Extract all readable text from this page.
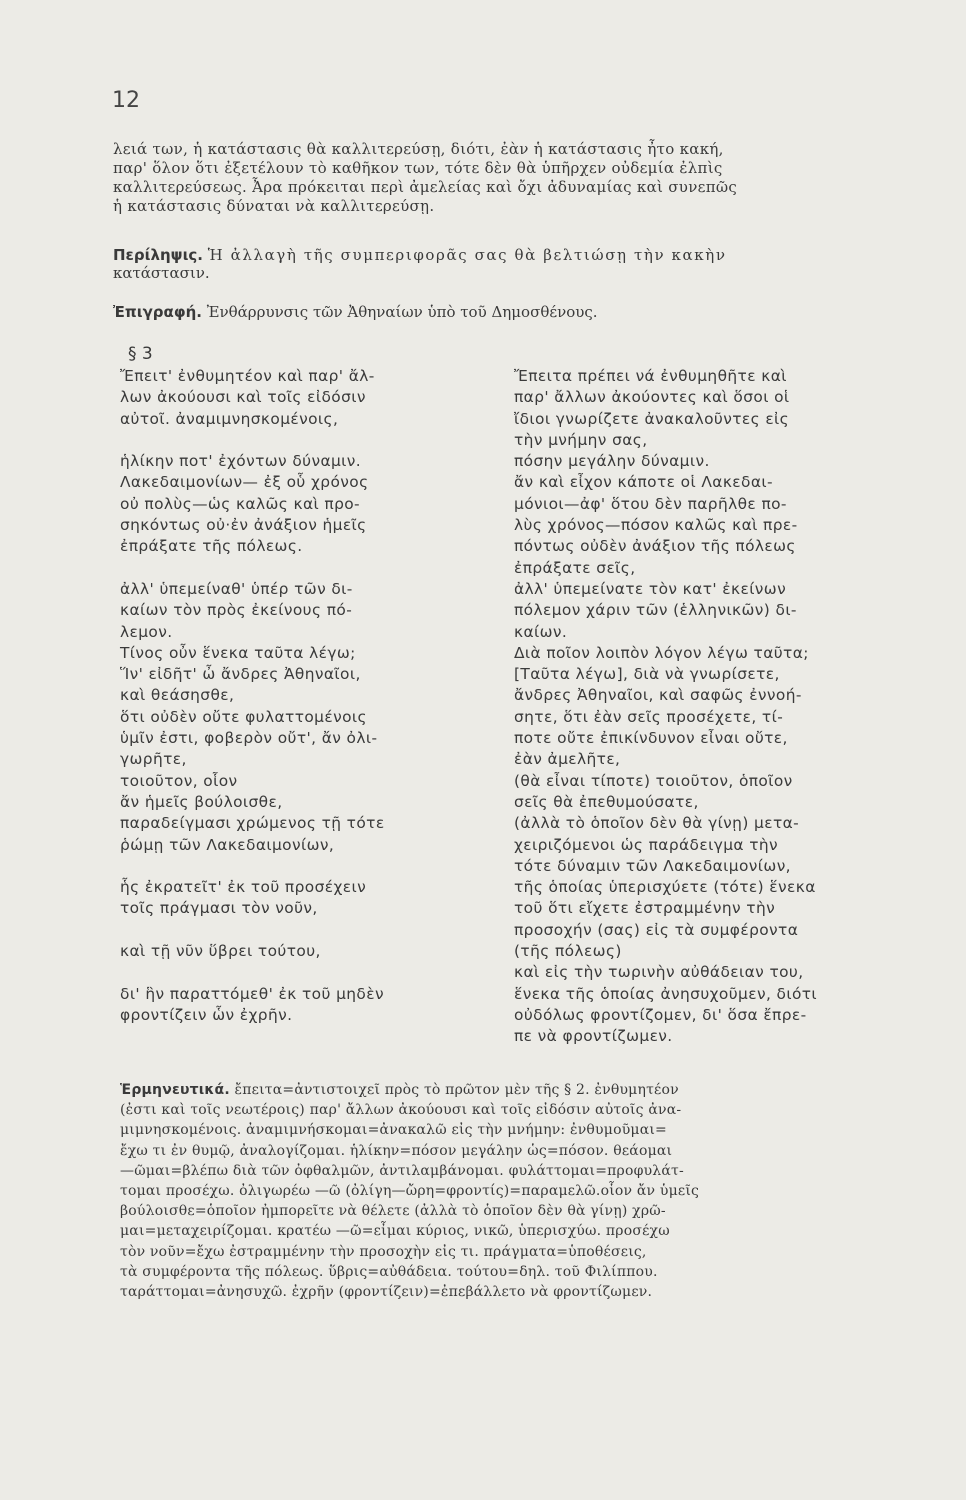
12

λειά των, ἡ κατάστασις θὰ καλλιτερεύσῃ, διότι, ἐὰν ἡ κατάστασις ἦτο κακή,

παρ' ὅλον ὅτι ἐξετέλουν τὸ καθῆκον των, τότε δὲν θὰ ὑπῆρχεν οὐδεμία ἐλπὶς

καλλιτερεύσεως. Ἆρα πρόκειται περὶ ἀμελείας καὶ ὄχι ἀδυναμίας καὶ συνεπῶς

ἡ κατάστασις δύναται νὰ καλλιτερεύσῃ.

Περίληψις. Ἡ ἀλλαγὴ τῆς συμπεριφορᾶς σας θὰ βελτιώσῃ τὴν κακὴν
κατάστασιν.
Ἐπιγραφή. Ἐνθάρρυνσις τῶν Ἀθηναίων ὑπὸ τοῦ Δημοσθένους.
§ 3
Ἔπειτ' ἐνθυμητέον καὶ παρ' ἄλ-
λων ἀκούουσι καὶ τοῖς εἰδόσιν
αὐτοῖ. ἀναμιμνησκομένοις,
ἡλίκην ποτ' ἐχόντων δύναμιν.
Λακεδαιμονίων— ἐξ οὗ χρόνος
οὐ πολὺς—ὡς καλῶς καὶ προ-
σηκόντως οὐ·ἐν ἀνάξιον ἡμεῖς
ἐπράξατε τῆς πόλεως.
ἀλλ' ὑπεμείναθ' ὑπέρ τῶν δι-
καίων τὸν πρὸς ἐκείνους πό-
λεμον.
Τίνος οὖν ἕνεκα ταῦτα λέγω;
Ἵν' εἰδῆτ' ὦ ἄνδρες Ἀθηναῖοι,
καὶ θεάσησθε,
ὅτι οὐδὲν οὔτε φυλαττομένοις
ὑμῖν ἐστι, φοβερὸν οὔτ', ἄν ὀλι-
γωρῆτε,
τοιοῦτον, οἷον
ἄν ἡμεῖς βούλοισθε,
παραδείγμασι χρώμενος τῇ τότε
ῥώμῃ τῶν Λακεδαιμονίων,
ἧς ἐκρατεῖτ' ἐκ τοῦ προσέχειν
τοῖς πράγμασι τὸν νοῦν,
καὶ τῇ νῦν ὕβρει τούτου,
δι' ἣν παραττόμεθ' ἐκ τοῦ μηδὲν
φροντίζειν ὧν ἐχρῆν.
Ἔπειτα πρέπει νά ἐνθυμηθῆτε καὶ
παρ' ἄλλων ἀκούοντες καὶ ὅσοι οἱ
ἴδιοι γνωρίζετε ἀνακαλοῦντες εἰς
τὴν μνήμην σας,
πόσην μεγάλην δύναμιν.
ἄν καὶ εἶχον κάποτε οἱ Λακεδαι-
μόνιοι—ἀφ' ὅτου δὲν παρῆλθε πο-
λὺς χρόνος—πόσον καλῶς καὶ πρε-
πόντως οὐδὲν ἀνάξιον τῆς πόλεως
ἐπράξατε σεῖς,
ἀλλ' ὑπεμείνατε τὸν κατ' ἐκείνων
πόλεμον χάριν τῶν (ἑλληνικῶν) δι-
καίων.
Διὰ ποῖον λοιπὸν λόγον λέγω ταῦτα;
[Ταῦτα λέγω], διὰ νὰ γνωρίσετε,
ἄνδρες Ἀθηναῖοι, καὶ σαφῶς ἐννοή-
σητε, ὅτι ἐὰν σεῖς προσέχετε, τί-
ποτε οὔτε ἐπικίνδυνον εἶναι οὔτε,
ἐὰν ἀμελῆτε,
(θὰ εἶναι τίποτε) τοιοῦτον, ὁποῖον
σεῖς θὰ ἐπεθυμούσατε,
(ἀλλὰ τὸ ὁποῖον δὲν θὰ γίνῃ) μετα-
χειριζόμενοι ὡς παράδειγμα τὴν
τότε δύναμιν τῶν Λακεδαιμονίων,
τῆς ὁποίας ὑπερισχύετε (τότε) ἕνεκα
τοῦ ὅτι εἴχετε ἐστραμμένην τὴν
προσοχήν (σας) εἰς τὰ συμφέροντα
(τῆς πόλεως)
καὶ εἰς τὴν τωρινὴν αὐθάδειαν του,
ἕνεκα τῆς ὁποίας ἀνησυχοῦμεν, διότι
οὐδόλως φροντίζομεν, δι' ὅσα ἔπρε-
πε νὰ φροντίζωμεν.
Ἑρμηνευτικά. ἔπειτα=ἀντιστοιχεῖ πρὸς τὸ πρῶτον μὲν τῆς § 2. ἐνθυμητέον
(ἐστι καὶ τοῖς νεωτέροις) παρ' ἄλλων ἀκούουσι καὶ τοῖς εἰδόσιν αὐτοῖς ἀνα-
μιμνησκομένοις. ἀναμιμνήσκομαι=ἀνακαλῶ εἰς τὴν μνήμην: ἐνθυμοῦμαι=
ἔχω τι ἐν θυμῷ, ἀναλογίζομαι. ἡλίκην=πόσον μεγάλην ὡς=πόσον. θεάομαι
—ῶμαι=βλέπω διὰ τῶν ὀφθαλμῶν, ἀντιλαμβάνομαι. φυλάττομαι=προφυλάτ-
τομαι προσέχω. ὀλιγωρέω —ῶ (ὀλίγη—ὤρη=φροντίς)=παραμελῶ.οἷον ἄν ὑμεῖς
βούλοισθε=ὁποῖον ἠμπορεῖτε νὰ θέλετε (ἀλλὰ τὸ ὁποῖον δὲν θὰ γίνῃ) χρῶ-
μαι=μεταχειρίζομαι. κρατέω —ῶ=εἶμαι κύριος, νικῶ, ὑπερισχύω. προσέχω
τὸν νοῦν=ἔχω ἐστραμμένην τὴν προσοχὴν εἰς τι. πράγματα=ὑποθέσεις,
τὰ συμφέροντα τῆς πόλεως. ὕβρις=αὐθάδεια. τούτου=δηλ. τοῦ Φιλίππου.
ταράττομαι=ἀνησυχῶ. ἐχρῆν (φροντίζειν)=ἐπεβάλλετο νὰ φροντίζωμεν.
